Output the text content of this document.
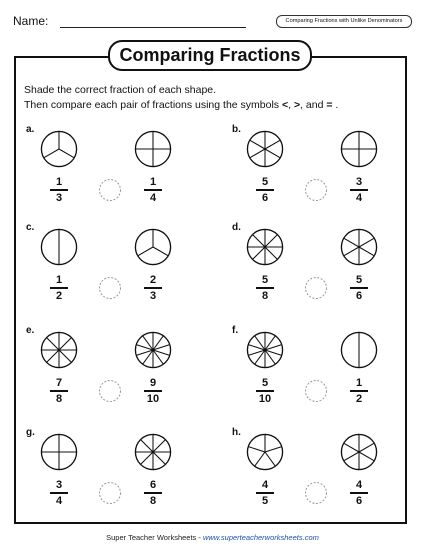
Name:	Comparing Fractions with Unlike Denominators
Comparing Fractions
Shade the correct fraction of each shape.
Then compare each pair of fractions using the symbols <, >, and = .
a.
1
3
1
4
b.
5
6
3
4
c.
1
2
2
3
d.
5
8
5
6
e.
7
8
9
10
f.
5
10
1
2
g.
3
4
6
8
h.
4
5
4
6
Super Teacher Worksheets - www.superteacherworksheets.com
